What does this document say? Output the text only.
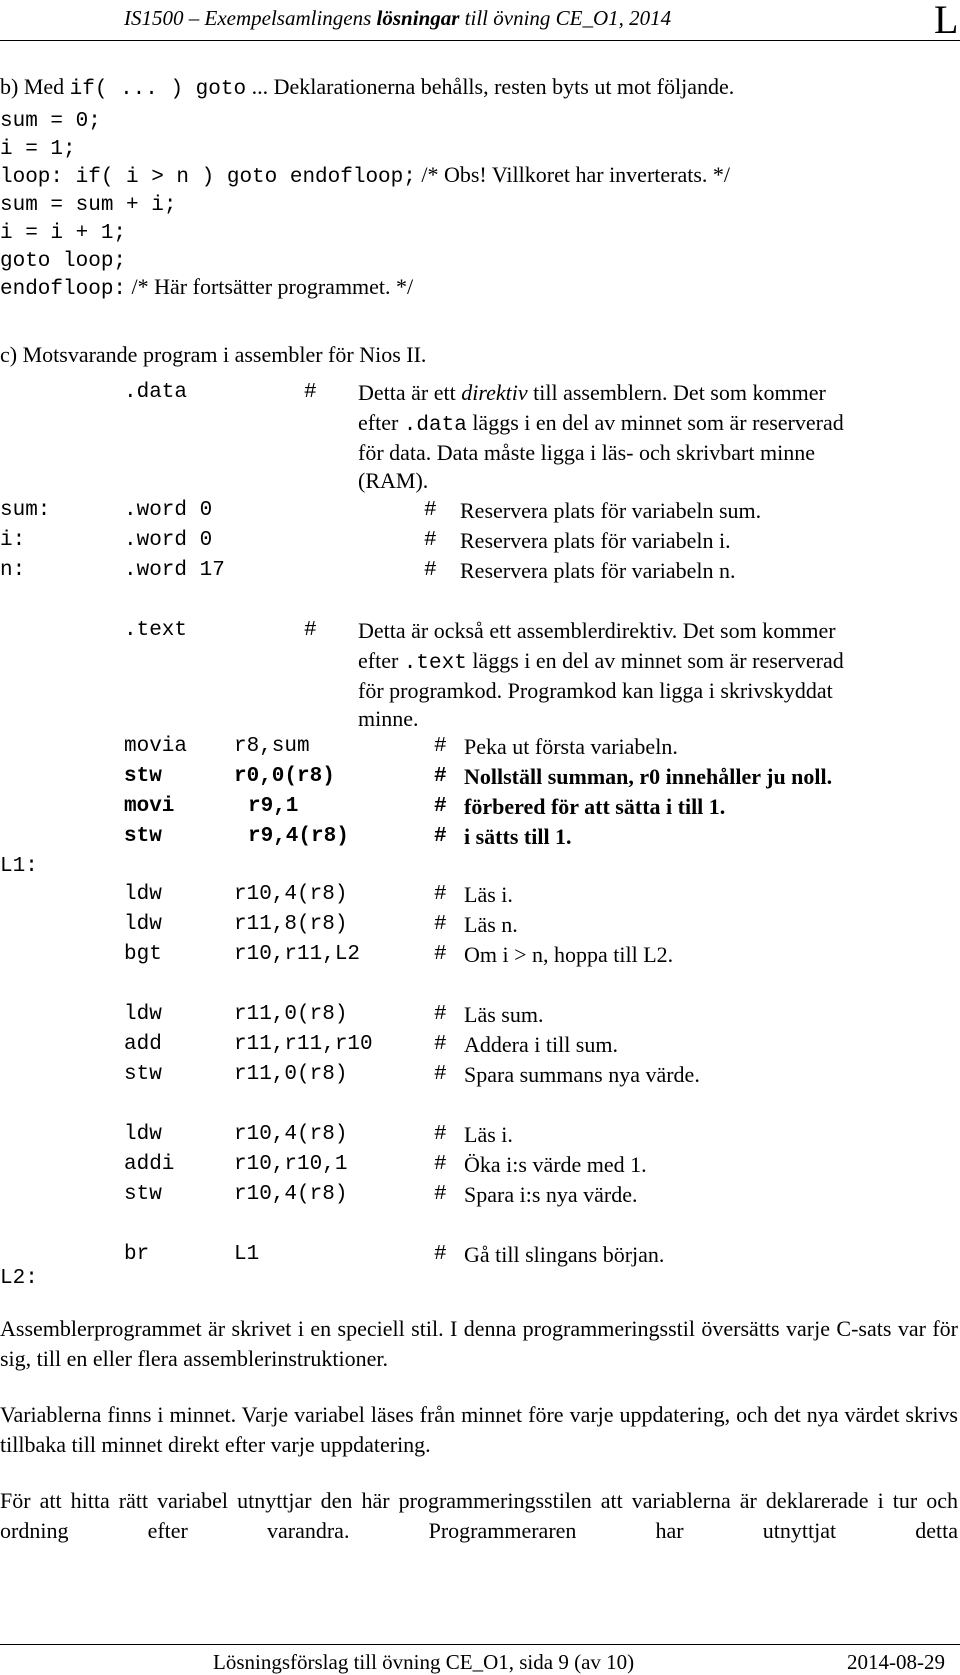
IS1500 – Exempelsamlingens lösningar till övning CE_O1, 2014	L
b) Med if( ... ) goto ... Deklarationerna behålls, resten byts ut mot följande.
sum = 0;
i = 1;
loop: if( i > n ) goto endofloop; /* Obs! Villkoret har inverterats. */
sum = sum + i;
i = i + 1;
goto loop;
endofloop: /* Här fortsätter programmet. */
c) Motsvarande program i assembler för Nios II.
.data	# Detta är ett direktiv till assemblern. Det som kommer
efter .data läggs i en del av minnet som är reserverad
för data. Data måste ligga i läs- och skrivbart minne
(RAM).
sum:	.word 0	# Reservera plats för variabeln sum.
i:	.word 0	# Reservera plats för variabeln i.
n:	.word 17	# Reservera plats för variabeln n.
.text	# Detta är också ett assemblerdirektiv. Det som kommer
efter .text läggs i en del av minnet som är reserverad
för programkod. Programkod kan ligga i skrivskyddat
minne.
movia r8,sum	# Peka ut första variabeln.
stw	r0,0(r8)	# Nollställ summan, r0 innehåller ju noll.
movi	r9,1	# förbered för att sätta i till 1.
stw	r9,4(r8)	# i sätts till 1.
L1:
ldw	r10,4(r8)	# Läs i.
ldw	r11,8(r8)	# Läs n.
bgt	r10,r11,L2	# Om i > n, hoppa till L2.
ldw	r11,0(r8)	# Läs sum.
add	r11,r11,r10	# Addera i till sum.
stw	r11,0(r8)	# Spara summans nya värde.
ldw	r10,4(r8)	# Läs i.
addi	r10,r10,1	# Öka i:s värde med 1.
stw	r10,4(r8)	# Spara i:s nya värde.
br	L1	# Gå till slingans början.
L2:
Assemblerprogrammet är skrivet i en speciell stil. I denna programmeringsstil översätts varje C-sats var för sig, till en eller flera assemblerinstruktioner.
Variablerna finns i minnet. Varje variabel läses från minnet före varje uppdatering, och det nya värdet skrivs tillbaka till minnet direkt efter varje uppdatering.
För att hitta rätt variabel utnyttjar den här programmeringsstilen att variablerna är deklarerade i tur och ordning efter varandra. Programmeraren har utnyttjat detta
Lösningsförslag till övning CE_O1, sida 9 (av 10)	2014-08-29
